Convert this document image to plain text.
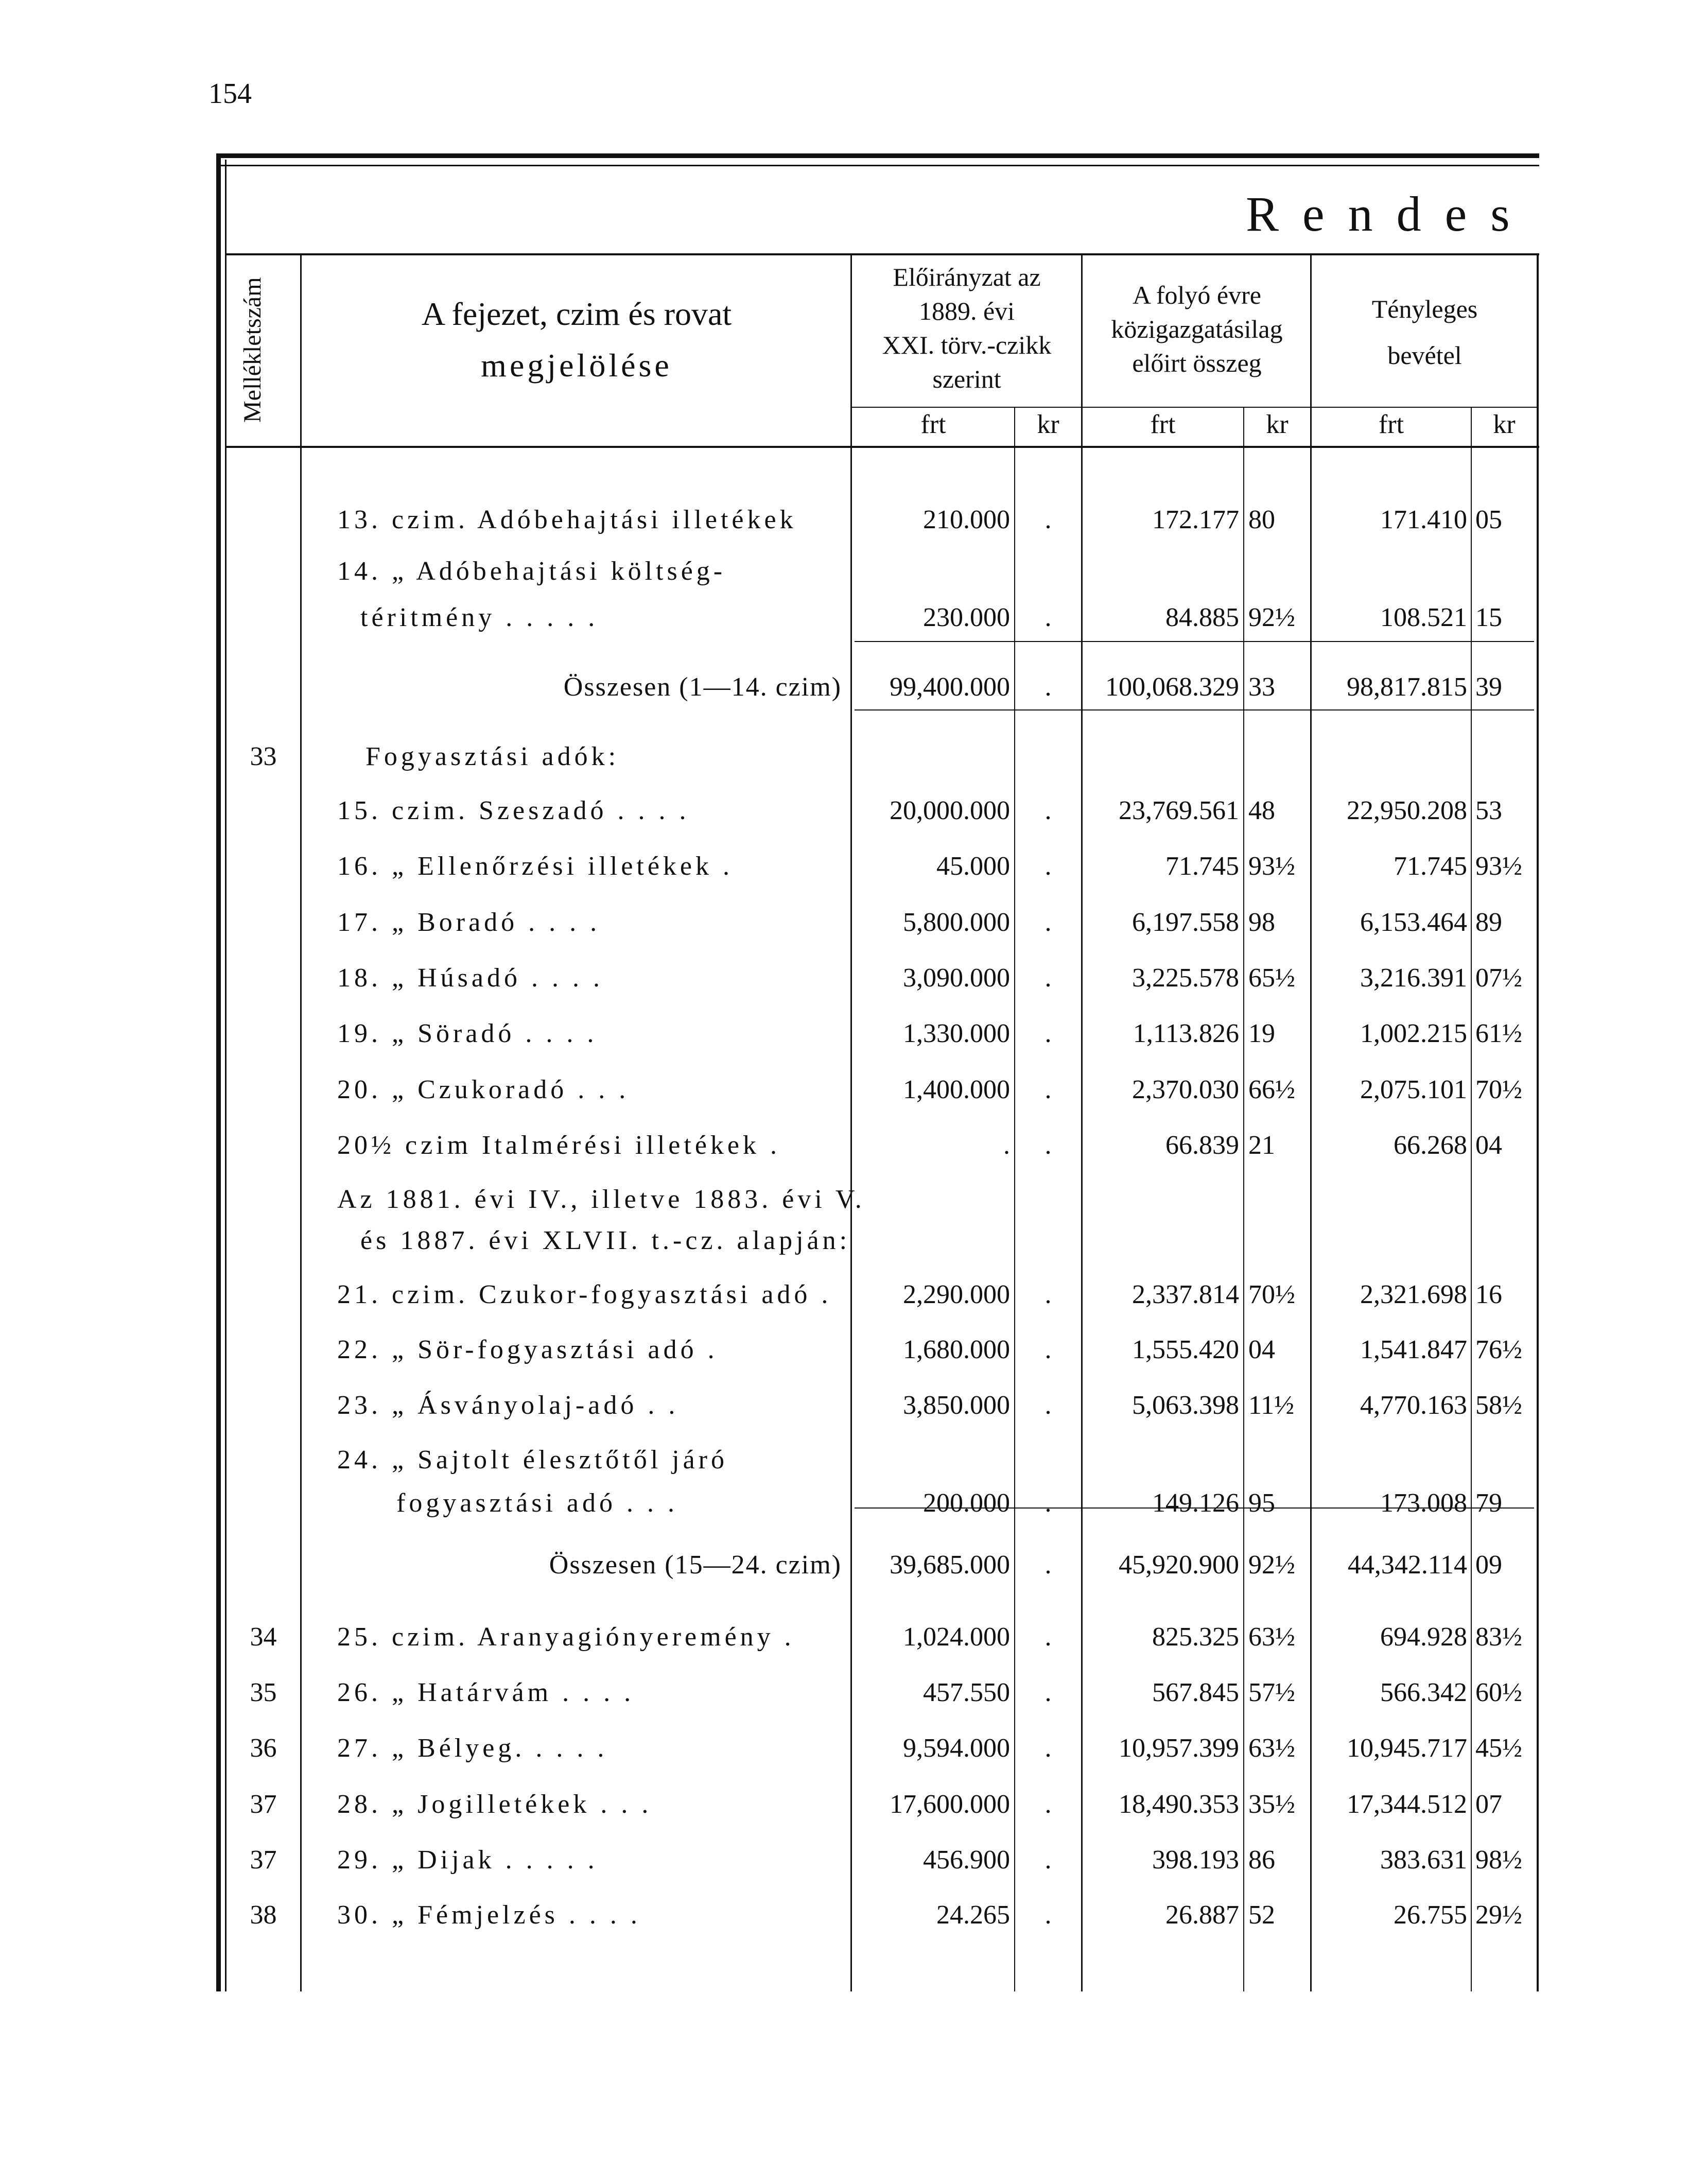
154
Rendes
Mellékletszám	A fejezet, czim és rovat
megjelölése
Előirányzat az
1889. évi
XXI. törv.-czikk
szerint
A folyó évre
közigazgatásilag
előirt összeg
Tényleges
bevétel
frt	kr	frt	kr	frt	kr
13. czim. Adóbehajtási illetékek	210.000	.	172.177 80	171.410 05
14. „ Adóbehajtási költség-
téritmény . . . . .	230.000	.	84.885 92½	108.521 15
Összesen (1—14. czim)	99,400.000	.	100,068.329 33	98,817.815 39
33	Fogyasztási adók:
15. czim. Szeszadó . . . .	20,000.000	.	23,769.561 48	22,950.208 53
16. „ Ellenőrzési illetékek .	45.000	.	71.745 93½	71.745 93½
17. „ Boradó . . . .	5,800.000	.	6,197.558 98	6,153.464 89
18. „ Húsadó . . . .	3,090.000	.	3,225.578 65½	3,216.391 07½
19. „ Söradó . . . .	1,330.000	.	1,113.826 19	1,002.215 61½
20. „ Czukoradó . . .	1,400.000	.	2,370.030 66½	2,075.101 70½
20½ czim Italmérési illetékek .	.	.	66.839 21	66.268 04
Az 1881. évi IV., illetve 1883. évi V.
és 1887. évi XLVII. t.-cz. alapján:
21. czim. Czukor-fogyasztási adó .	2,290.000	.	2,337.814 70½	2,321.698 16
22. „ Sör-fogyasztási adó .	1,680.000	.	1,555.420 04	1,541.847 76½
23. „ Ásványolaj-adó . .	3,850.000	.	5,063.398 11½	4,770.163 58½
24. „ Sajtolt élesztőtől járó
fogyasztási adó . . .	200.000	.	149.126 95	173.008 79
Összesen (15—24. czim)	39,685.000	.	45,920.900 92½	44,342.114 09
34	25. czim. Aranyagiónyeremény .	1,024.000	.	825.325 63½	694.928 83½
35	26. „ Határvám . . . .	457.550	.	567.845 57½	566.342 60½
36	27. „ Bélyeg. . . . .	9,594.000	.	10,957.399 63½	10,945.717 45½
37	28. „ Jogilletékek . . .	17,600.000	.	18,490.353 35½	17,344.512 07
37	29. „ Dijak . . . . .	456.900	.	398.193 86	383.631 98½
38	30. „ Fémjelzés . . . .	24.265	.	26.887 52	26.755 29½
